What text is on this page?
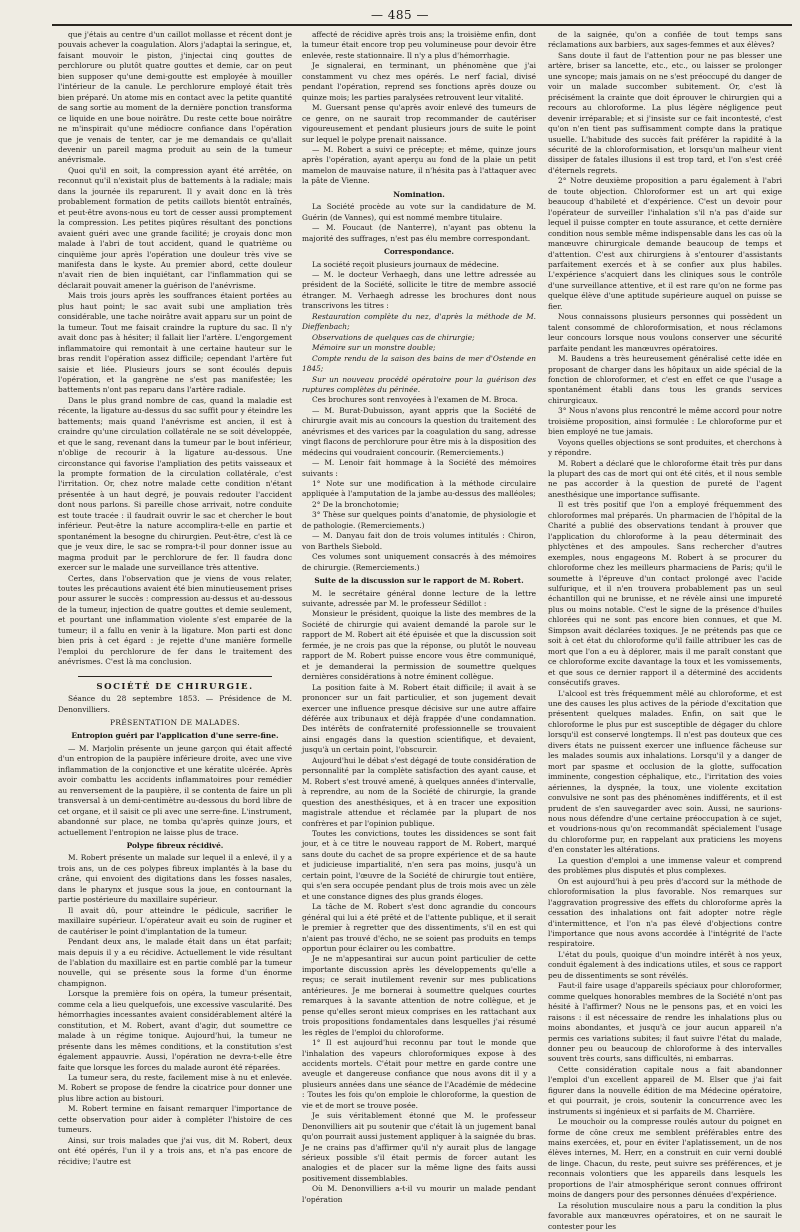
— 485 —

que j'étais au centre d'un caillot mollasse et récent dont je pouvais achever la coagulation. Alors j'adaptai la seringue, et, faisant mouvoir le piston, j'injectai cinq gouttes de perchlorure ou plutôt quatre gouttes et demie, car on peut bien supposer qu'une demi-goutte est employée à mouiller l'intérieur de la canule. Le perchlorure employé était très bien préparé. Un atome mis en contact avec la petite quantité de sang sortie au moment de la dernière ponction transforma ce liquide en une boue noirâtre. Du reste cette boue noirâtre ne m'inspirait qu'une médiocre confiance dans l'opération que je venais de tenter, car je me demandais ce qu'allait devenir un pareil magma produit au sein de la tumeur anévrismale.

Quoi qu'il en soit, la compression ayant été arrêtée, on reconnut qu'il n'existait plus de battements à la radiale; mais dans la journée ils reparurent. Il y avait donc en là très probablement formation de petits caillots bientôt entraînés, et peut-être avons-nous eu tort de cesser aussi promptement la compression. Les petites piqûres résultant des ponctions avaient guéri avec une grande facilité; je croyais donc mon malade à l'abri de tout accident, quand le quatrième ou cinquième jour après l'opération une douleur très vive se manifesta dans le kyste. Au premier abord, cette douleur n'avait rien de bien inquiétant, car l'inflammation qui se déclarait pouvait amener la guérison de l'anévrisme.

Mais trois jours après les souffrances étaient portées au plus haut point; le sac avait subi une ampliation très considérable, une tache noirâtre avait apparu sur un point de la tumeur. Tout me faisait craindre la rupture du sac. Il n'y avait donc pas à hésiter; il fallait lier l'artère. L'engorgement inflammatoire qui remontait à une certaine hauteur sur le bras rendit l'opération assez difficile; cependant l'artère fut saisie et liée. Plusieurs jours se sont écoulés depuis l'opération, et la gangrène ne s'est pas manifestée; les battements n'ont pas reparu dans l'artère radiale.

Dans le plus grand nombre de cas, quand la maladie est récente, la ligature au-dessus du sac suffit pour y éteindre les battements; mais quand l'anévrisme est ancien, il est à craindre qu'une circulation collatérale ne se soit développée, et que le sang, revenant dans la tumeur par le bout inférieur, n'oblige de recourir à la ligature au-dessous. Une circonstance qui favorise l'ampliation des petits vaisseaux et la prompte formation de la circulation collatérale, c'est l'irritation. Or, chez notre malade cette condition n'étant présentée à un haut degré, je pouvais redouter l'accident dont nous parlons. Si pareille chose arrivait, notre conduite est toute tracée : il faudrait ouvrir le sac et chercher le bout inférieur. Peut-être la nature accomplira-t-elle en partie et spontanément la besogne du chirurgien. Peut-être, c'est là ce que je veux dire, le sac se rompra-t-il pour donner issue au magma produit par le perchlorure de fer. Il faudra donc exercer sur le malade une surveillance très attentive.

Certes, dans l'observation que je viens de vous relater, toutes les précautions avaient été bien minutieusement prises pour assurer le succès : compression au-dessus et au-dessous de la tumeur, injection de quatre gouttes et demie seulement, et pourtant une inflammation violente s'est emparée de la tumeur; il a fallu en venir à la ligature. Mon parti est donc bien pris à cet égard : je rejette d'une manière formelle l'emploi du perchlorure de fer dans le traitement des anévrismes. C'est là ma conclusion.

SOCIÉTÉ DE CHIRURGIE.

Séance du 28 septembre 1853. — Présidence de M. Denonvilliers.

PRÉSENTATION DE MALADES.

Entropion guéri par l'application d'une serre-fine.

— M. Marjolin présente un jeune garçon qui était affecté d'un entropion de la paupière inférieure droite, avec une vive inflammation de la conjonctive et une kératite ulcérée. Après avoir combattu les accidents inflammatoires pour remédier au renversement de la paupière, il se contenta de faire un pli transversal à un demi-centimètre au-dessous du bord libre de cet organe, et il saisit ce pli avec une serre-fine. L'instrument, abandonné sur place, ne tomba qu'après quinze jours, et actuellement l'entropion ne laisse plus de trace.

Polype fibreux récidivé.

M. Robert présente un malade sur lequel il a enlevé, il y a trois ans, un de ces polypes fibreux implantés à la base du crâne, qui envoient des digitations dans les fosses nasales, dans le pharynx et jusque sous la joue, en contournant la partie postérieure du maxillaire supérieur.

Il avait dû, pour atteindre le pédicule, sacrifier le maxillaire supérieur. L'opérateur avait eu soin de ruginer et de cautériser le point d'implantation de la tumeur.

Pendant deux ans, le malade était dans un état parfait; mais depuis il y a eu récidive. Actuellement le vide résultant de l'ablation du maxillaire est en partie comblé par la tumeur nouvelle, qui se présente sous la forme d'un énorme champignon.

Lorsque la première fois on opéra, la tumeur présentait, comme cela a lieu quelquefois, une excessive vascularité. Des hémorrhagies incessantes avaient considérablement altéré la constitution, et M. Robert, avant d'agir, dut soumettre ce malade à un régime tonique. Aujourd'hui, la tumeur ne présente dans les mêmes conditions, et la constitution s'est également appauvrie. Aussi, l'opération ne devra-t-elle être faite que lorsque les forces du malade auront été réparées.

La tumeur sera, du reste, facilement mise à nu et enlevée. M. Robert se propose de fendre la cicatrice pour donner une plus libre action au bistouri.

M. Robert termine en faisant remarquer l'importance de cette observation pour aider à compléter l'histoire de ces tumeurs.

Ainsi, sur trois malades que j'ai vus, dit M. Robert, deux ont été opérés, l'un il y a trois ans, et n'a pas encore de récidive; l'autre est

affecté de récidive après trois ans; la troisième enfin, dont la tumeur était encore trop peu volumineuse pour devoir être enlevée, reste stationnaire. Il n'y a plus d'hémorrhagie.

Je signalerai, en terminant, un phénomène que j'ai constamment vu chez mes opérés. Le nerf facial, divisé pendant l'opération, reprend ses fonctions après douze ou quinze mois; les parties paralysées retrouvent leur vitalité.

M. Guersant pense qu'après avoir enlevé des tumeurs de ce genre, on ne saurait trop recommander de cautériser vigoureusement et pendant plusieurs jours de suite le point sur lequel le polype prenait naissance.

— M. Robert a suivi ce précepte; et même, quinze jours après l'opération, ayant aperçu au fond de la plaie un petit mamelon de mauvaise nature, il n'hésita pas à l'attaquer avec la pâte de Vienne.

Nomination.

La Société procède au vote sur la candidature de M. Guérin (de Vannes), qui est nommé membre titulaire.

— M. Foucaut (de Nanterre), n'ayant pas obtenu la majorité des suffrages, n'est pas élu membre correspondant.

Correspondance.

La société reçoit plusieurs journaux de médecine.

— M. le docteur Verhaegh, dans une lettre adressée au président de la Société, sollicite le titre de membre associé étranger. M. Verhaegh adresse les brochures dont nous transcrivons les titres :

Restauration complète du nez, d'après la méthode de M. Dieffenbach;

Observations de quelques cas de chirurgie;

Mémoire sur un monstre double;

Compte rendu de la saison des bains de mer d'Ostende en 1845;

Sur un nouveau procédé opératoire pour la guérison des ruptures complètes du périnée.

Ces brochures sont renvoyées à l'examen de M. Broca.

— M. Burat-Dubuisson, ayant appris que la Société de chirurgie avait mis au concours la question du traitement des anévrismes et des varices par la coagulation du sang, adresse vingt flacons de perchlorure pour être mis à la disposition des médecins qui voudraient concourir. (Remerciements.)

— M. Lenoir fait hommage à la Société des mémoires suivants :

1° Note sur une modification à la méthode circulaire appliquée à l'amputation de la jambe au-dessus des malléoles;

2° De la bronchotomie;

3° Thèse sur quelques points d'anatomie, de physiologie et de pathologie. (Remerciements.)

— M. Danyau fait don de trois volumes intitulés : Chiron, von Barthels Siebold.

Ces volumes sont uniquement consacrés à des mémoires de chirurgie. (Remerciements.)

Suite de la discussion sur le rapport de M. Robert.

M. le secrétaire général donne lecture de la lettre suivante, adressée par M. le professeur Sédillot :

Monsieur le président, quoique la liste des membres de la Société de chirurgie qui avaient demandé la parole sur le rapport de M. Robert ait été épuisée et que la discussion soit fermée, je ne crois pas que la réponse, ou plutôt le nouveau rapport de M. Robert puisse encore vous être communiqué, et je demanderai la permission de soumettre quelques dernières considérations à notre éminent collègue.

La position faite à M. Robert était difficile; il avait à se prononcer sur un fait particulier, et son jugement devait exercer une influence presque décisive sur une autre affaire déférée aux tribunaux et déjà frappée d'une condamnation. Des intérêts de confraternité professionnelle se trouvaient ainsi engagés dans la question scientifique, et devaient, jusqu'à un certain point, l'obscurcir.

Aujourd'hui le débat s'est dégagé de toute considération de personnalité par la complète satisfaction des ayant cause, et M. Robert s'est trouvé amené, à quelques années d'intervalle, à reprendre, au nom de la Société de chirurgie, la grande question des anesthésiques, et à en tracer une exposition magistrale attendue et réclamée par la plupart de nos confrères et par l'opinion publique.

Toutes les convictions, toutes les dissidences se sont fait jour, et à ce titre le nouveau rapport de M. Robert, marqué sans doute du cachet de sa propre expérience et de sa haute et judicieuse impartialité, n'en sera pas moins, jusqu'à un certain point, l'œuvre de la Société de chirurgie tout entière, qui s'en sera occupée pendant plus de trois mois avec un zèle et une constance dignes des plus grands éloges.

La tâche de M. Robert s'est donc agrandie du concours général qui lui a été prêté et de l'attente publique, et il serait le premier à regretter que des dissentiments, s'il en est qui n'aient pas trouvé d'écho, ne se soient pas produits en temps opportun pour éclairer ou les combattre.

Je ne m'appesantirai sur aucun point particulier de cette importante discussion après les développements qu'elle a reçus; ce serait inutilement revenir sur mes publications antérieures. Je me bornerai à soumettre quelques courtes remarques à la savante attention de notre collègue, et je pense qu'elles seront mieux comprises en les rattachant aux trois propositions fondamentales dans lesquelles j'ai résumé les règles de l'emploi du chloroforme.

1° Il est aujourd'hui reconnu par tout le monde que l'inhalation des vapeurs chloroformiques expose à des accidents mortels. C'était pour mettre en garde contre une aveugle et dangereuse confiance que nous avons dit il y a plusieurs années dans une séance de l'Académie de médecine : Toutes les fois qu'on emploie le chloroforme, la question de vie et de mort se trouve posée.

Je suis véritablement étonné que M. le professeur Denonvilliers ait pu soutenir que c'était là un jugement banal qu'on pourrait aussi justement appliquer à la saignée du bras. Je ne crains pas d'affirmer qu'il n'y aurait plus de langage sérieux possible s'il était permis de forcer autant les analogies et de placer sur la même ligne des faits aussi positivement dissemblables.

Où M. Denonvilliers a-t-il vu mourir un malade pendant l'opération

de la saignée, qu'on a confiée de tout temps sans réclamations aux barbiers, aux sages-femmes et aux élèves?

Sans doute il faut de l'attention pour ne pas blesser une artère, briser sa lancette, etc., etc., ou laisser se prolonger une syncope; mais jamais on ne s'est préoccupé du danger de voir un malade succomber subitement. Or, c'est là précisément la crainte que doit éprouver le chirurgien qui a recours au chloroforme. La plus légère négligence peut devenir irréparable; et si j'insiste sur ce fait incontesté, c'est qu'on n'en tient pas suffisamment compte dans la pratique usuelle. L'habitude des succès fait préférer la rapidité à la sécurité de la chloroformisation, et lorsqu'un malheur vient dissiper de fatales illusions il est trop tard, et l'on s'est créé d'éternels regrets.

2° Notre deuxième proposition a paru également à l'abri de toute objection. Chloroformer est un art qui exige beaucoup d'habileté et d'expérience. C'est un devoir pour l'opérateur de surveiller l'inhalation s'il n'a pas d'aide sur lequel il puisse compter en toute assurance, et cette dernière condition nous semble même indispensable dans les cas où la manœuvre chirurgicale demande beaucoup de temps et d'attention. C'est aux chirurgiens à s'entourer d'assistants parfaitement exercés et à se confier aux plus habiles. L'expérience s'acquiert dans les cliniques sous le contrôle d'une surveillance attentive, et il est rare qu'on ne forme pas quelque élève d'une aptitude supérieure auquel on puisse se fier.

Nous connaissons plusieurs personnes qui possèdent un talent consommé de chloroformisation, et nous réclamons leur concours lorsque nous voulons conserver une sécurité parfaite pendant les manœuvres opératoires.

M. Baudens a très heureusement généralisé cette idée en proposant de charger dans les hôpitaux un aide spécial de la fonction de chloroformer, et c'est en effet ce que l'usage a spontanément établi dans tous les grands services chirurgicaux.

3° Nous n'avons plus rencontré le même accord pour notre troisième proposition, ainsi formulée : Le chloroforme pur et bien employé ne tue jamais.

Voyons quelles objections se sont produites, et cherchons à y répondre.

M. Robert a déclaré que le chloroforme était très pur dans la plupart des cas de mort qui ont été cités, et il nous semble ne pas accorder à la question de pureté de l'agent anesthésique une importance suffisante.

Il est très positif que l'on a employé fréquemment des chloroformes mal préparés. Un pharmacien de l'hôpital de la Charité a publié des observations tendant à prouver que l'application du chloroforme à la peau déterminait des phlyctènes et des ampoules. Sans rechercher d'autres exemples, nous engageons M. Robert à se procurer du chloroforme chez les meilleurs pharmaciens de Paris; qu'il le soumette à l'épreuve d'un contact prolongé avec l'acide sulfurique, et il n'en trouvera probablement pas un seul échantillon qui ne brunisse, et ne révèle ainsi une impureté plus ou moins notable. C'est le signe de la présence d'huiles chlorées qui ne sont pas encore bien connues, et que M. Simpson avait déclarées toxiques. Je ne prétends pas que ce soit à cet état du chloroforme qu'il faille attribuer les cas de mort que l'on a eu à déplorer, mais il me paraît constant que ce chloroforme excite davantage la toux et les vomissements, et que sous ce dernier rapport il a déterminé des accidents consécutifs graves.

L'alcool est très fréquemment mêlé au chloroforme, et est une des causes les plus actives de la période d'excitation que présentent quelques malades. Enfin, on sait que le chloroforme le plus pur est susceptible de dégager du chlore lorsqu'il est conservé longtemps. Il n'est pas douteux que ces divers états ne puissent exercer une influence fâcheuse sur les malades soumis aux inhalations. Lorsqu'il y a danger de mort par spasme et occlusion de la glotte, suffocation imminente, congestion céphalique, etc., l'irritation des voies aériennes, la dyspnée, la toux, une violente excitation convulsive ne sont pas des phénomènes indifférents, et il est prudent de s'en sauvegarder avec soin. Aussi, ne saurions-nous nous défendre d'une certaine préoccupation à ce sujet, et voudrions-nous qu'on recommandât spécialement l'usage du chloroforme pur, en rappelant aux praticiens les moyens d'en constater les altérations.

La question d'emploi a une immense valeur et comprend des problèmes plus disputés et plus complexes.

On est aujourd'hui à peu près d'accord sur la méthode de chloroformisation la plus favorable. Nos remarques sur l'aggravation progressive des effets du chloroforme après la cessation des inhalations ont fait adopter notre règle d'intermittence, et l'on n'a pas élevé d'objections contre l'importance que nous avons accordée à l'intégrité de l'acte respiratoire.

L'état du pouls, quoique d'un moindre intérêt à nos yeux, conduit également à des indications utiles, et sous ce rapport peu de dissentiments se sont révélés.

Faut-il faire usage d'appareils spéciaux pour chloroformer, comme quelques honorables membres de la Société n'ont pas hésité à l'affirmer? Nous ne le pensons pas, et en voici les raisons : il est nécessaire de rendre les inhalations plus ou moins abondantes, et jusqu'à ce jour aucun appareil n'a permis ces variations subites; il faut suivre l'état du malade, donner peu ou beaucoup de chloroforme à des intervalles souvent très courts, sans difficultés, ni embarras.

Cette considération capitale nous a fait abandonner l'emploi d'un excellent appareil de M. Elser que j'ai fait figurer dans la nouvelle édition de ma Médecine opératoire, et qui pourrait, je crois, soutenir la concurrence avec les instruments si ingénieux et si parfaits de M. Charrière.

Le mouchoir ou la compresse roulés autour du poignet en forme de cône creux me semblent préférables entre des mains exercées, et, pour en éviter l'aplatissement, un de nos élèves internes, M. Herr, en a construit en cuir verni doublé de linge. Chacun, du reste, peut suivre ses préférences, et je reconnais volontiers que les appareils dans lesquels les proportions de l'air atmosphérique seront connues offriront moins de dangers pour des personnes dénuées d'expérience.

La résolution musculaire nous a paru la condition la plus favorable aux manœuvres opératoires, et on ne saurait le contester pour les
